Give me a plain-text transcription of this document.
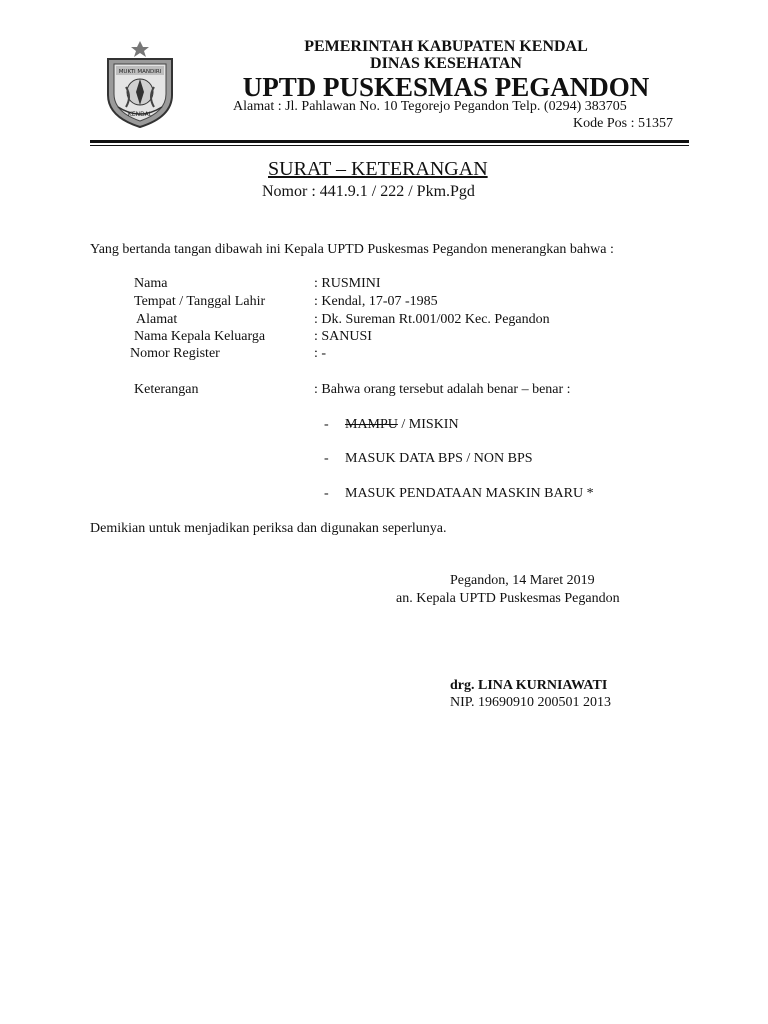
MUKTI MANDIRI
KENDAL
PEMERINTAH KABUPATEN KENDAL
DINAS KESEHATAN
UPTD PUSKESMAS PEGANDON
Alamat : Jl. Pahlawan No. 10 Tegorejo Pegandon Telp. (0294) 383705
Kode Pos : 51357
SURAT – KETERANGAN
Nomor : 441.9.1 / 222 / Pkm.Pgd
Yang bertanda tangan dibawah ini Kepala UPTD Puskesmas Pegandon menerangkan bahwa :
Nama	: RUSMINI
Tempat / Tanggal Lahir	: Kendal, 17-07 -1985
Alamat	: Dk. Sureman Rt.001/002 Kec. Pegandon
Nama Kepala Keluarga	: SANUSI
Nomor Register	: -
Keterangan	: Bahwa orang tersebut adalah benar – benar :
- MAMPU / MISKIN
- MASUK DATA BPS / NON BPS
- MASUK PENDATAAN MASKIN BARU *
Demikian untuk menjadikan periksa dan digunakan seperlunya.
Pegandon, 14 Maret 2019
an. Kepala UPTD Puskesmas Pegandon
drg. LINA KURNIAWATI
NIP. 19690910 200501 2013
